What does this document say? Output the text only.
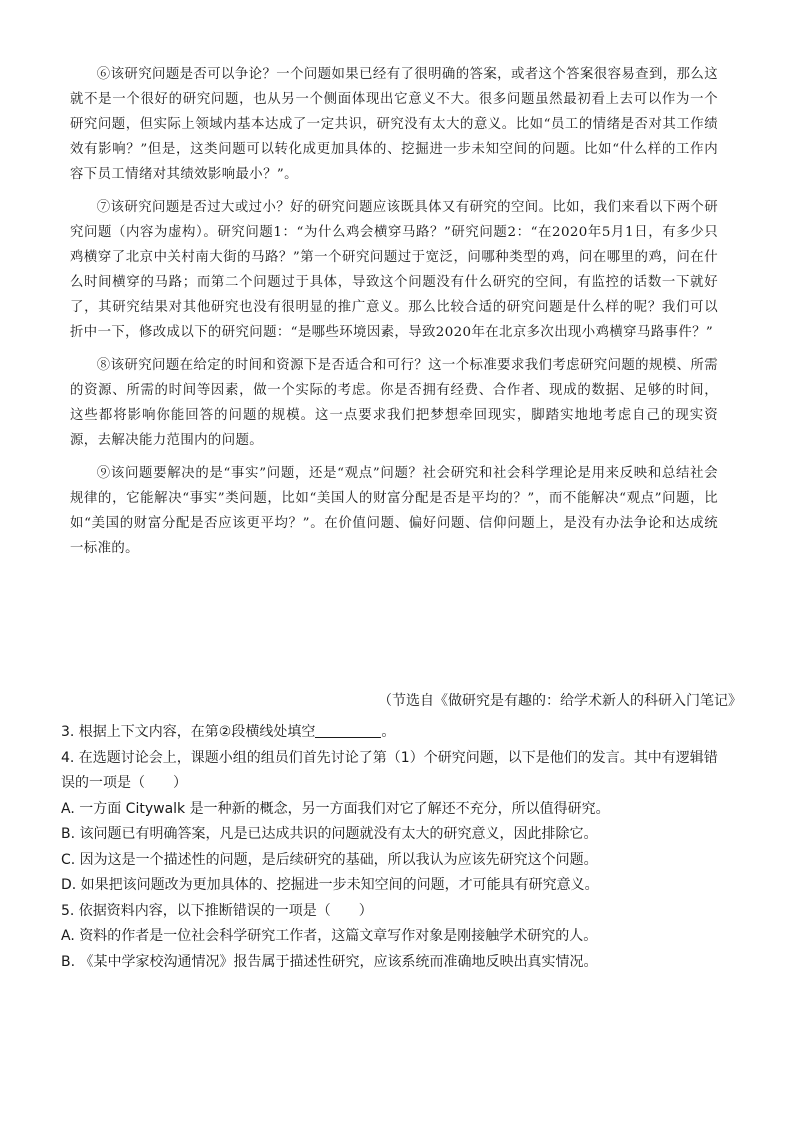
⑥该研究问题是否可以争论？一个问题如果已经有了很明确的答案，或者这个答案很容易查到，那么这就不是一个很好的研究问题，也从另一个侧面体现出它意义不大。很多问题虽然最初看上去可以作为一个研究问题，但实际上领域内基本达成了一定共识，研究没有太大的意义。比如“员工的情绪是否对其工作绩效有影响？”但是，这类问题可以转化成更加具体的、挖掘进一步未知空间的问题。比如“什么样的工作内容下员工情绪对其绩效影响最小？”。

⑦该研究问题是否过大或过小？好的研究问题应该既具体又有研究的空间。比如，我们来看以下两个研究问题（内容为虚构）。研究问题1：“为什么鸡会横穿马路？”研究问题2：“在2020年5月1日，有多少只鸡横穿了北京中关村南大街的马路？”第一个研究问题过于宽泛，问哪种类型的鸡，问在哪里的鸡，问在什么时间横穿的马路；而第二个问题过于具体，导致这个问题没有什么研究的空间，有监控的话数一下就好了，其研究结果对其他研究也没有很明显的推广意义。那么比较合适的研究问题是什么样的呢？我们可以折中一下，修改成以下的研究问题：“是哪些环境因素，导致2020年在北京多次出现小鸡横穿马路事件？”

⑧该研究问题在给定的时间和资源下是否适合和可行？这一个标准要求我们考虑研究问题的规模、所需的资源、所需的时间等因素，做一个实际的考虑。你是否拥有经费、合作者、现成的数据、足够的时间，这些都将影响你能回答的问题的规模。这一点要求我们把梦想牵回现实，脚踏实地地考虑自己的现实资源，去解决能力范围内的问题。

⑨该问题要解决的是“事实”问题，还是“观点”问题？社会研究和社会科学理论是用来反映和总结社会规律的，它能解决“事实”类问题，比如“美国人的财富分配是否是平均的？”，而不能解决“观点”问题，比如“美国的财富分配是否应该更平均？”。在价值问题、偏好问题、信仰问题上，是没有办法争论和达成统一标准的。

（节选自《做研究是有趣的：给学术新人的科研入门笔记》
3. 根据上下文内容，在第②段横线处填空	。
4. 在选题讨论会上，课题小组的组员们首先讨论了第（1）个研究问题，以下是他们的发言。其中有逻辑错误的一项是（　　）
A. 一方面 Citywalk 是一种新的概念，另一方面我们对它了解还不充分，所以值得研究。
B. 该问题已有明确答案，凡是已达成共识的问题就没有太大的研究意义，因此排除它。
C. 因为这是一个描述性的问题，是后续研究的基础，所以我认为应该先研究这个问题。
D. 如果把该问题改为更加具体的、挖掘进一步未知空间的问题，才可能具有研究意义。
5. 依据资料内容，以下推断错误的一项是（　　）
A. 资料的作者是一位社会科学研究工作者，这篇文章写作对象是刚接触学术研究的人。
B. 《某中学家校沟通情况》报告属于描述性研究，应该系统而准确地反映出真实情况。
